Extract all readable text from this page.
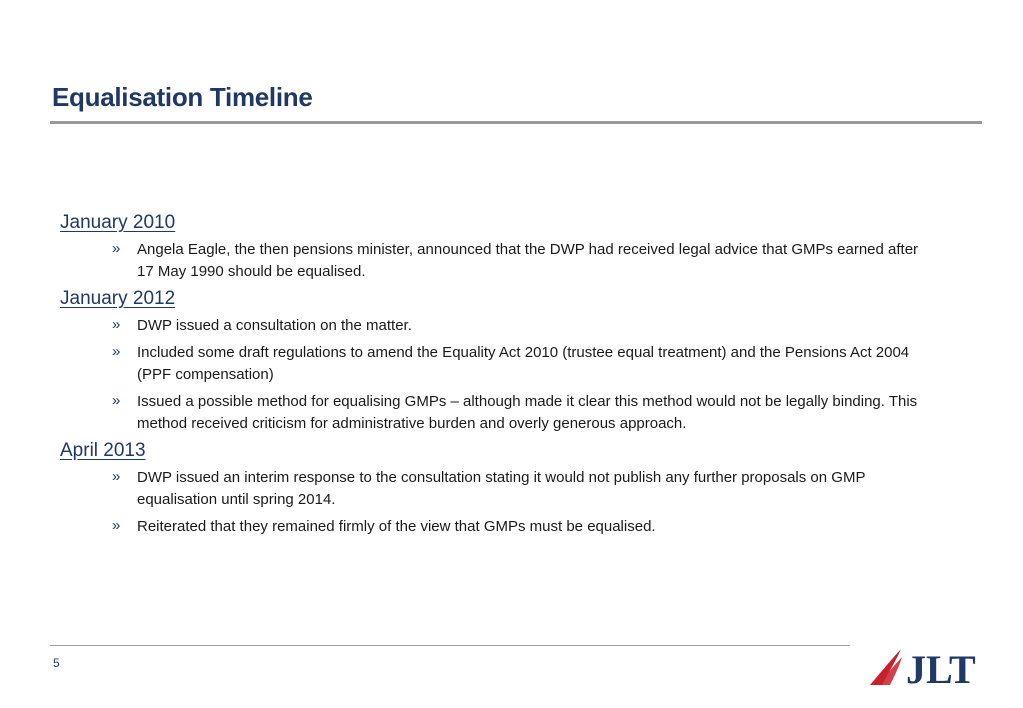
Equalisation Timeline
January 2010
» Angela Eagle, the then pensions minister, announced that the DWP had received legal advice that GMPs earned after 17 May 1990 should be equalised.
January 2012
» DWP issued a consultation on the matter.
» Included some draft regulations to amend the Equality Act 2010 (trustee equal treatment) and the Pensions Act 2004 (PPF compensation)
» Issued a possible method for equalising GMPs – although made it clear this method would not be legally binding. This method received criticism for administrative burden and overly generous approach.
April 2013
» DWP issued an interim response to the consultation stating it would not publish any further proposals on GMP equalisation until spring 2014.
» Reiterated that they remained firmly of the view that GMPs must be equalised.
5	JLT
